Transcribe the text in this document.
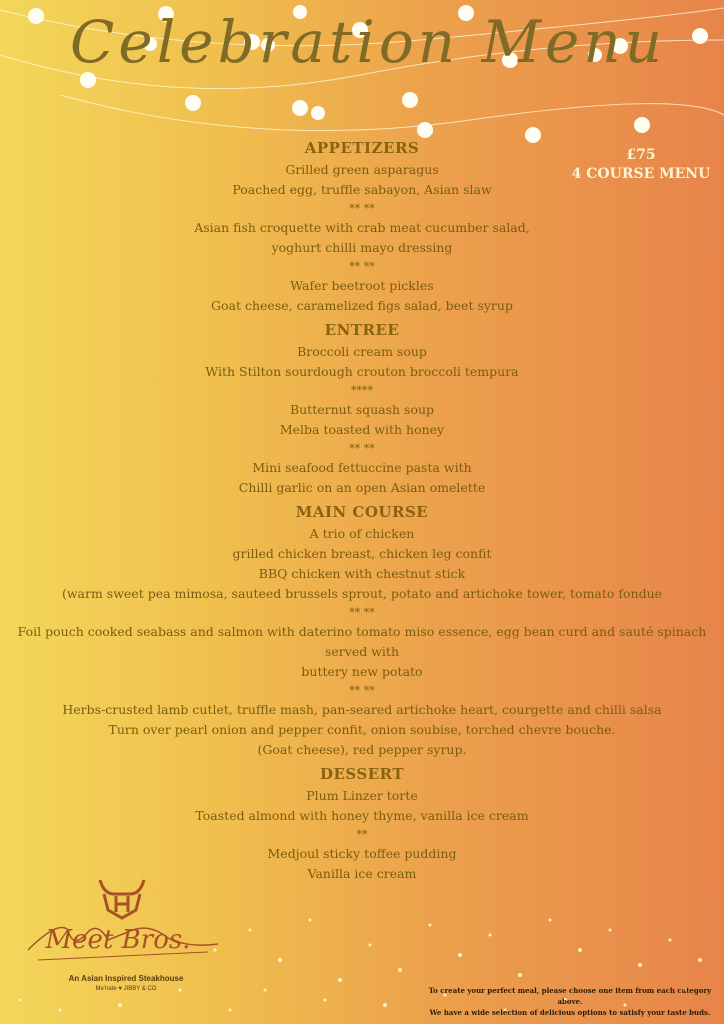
Celebration Menu
£75
4 COURSE MENU
APPETIZERS
Grilled green asparagus
Poached egg, truffle sabayon, Asian slaw
** **
Asian fish croquette with crab meat cucumber salad,
yoghurt chilli mayo dressing
** **
Wafer beetroot pickles
Goat cheese, caramelized figs salad, beet syrup
ENTREE
Broccoli cream soup
With Stilton sourdough crouton broccoli tempura
****
Butternut squash soup
Melba toasted with honey
** **
Mini seafood fettuccine pasta with
Chilli garlic on an open Asian omelette
MAIN COURSE
A trio of chicken
grilled chicken breast, chicken leg confit
BBQ chicken with chestnut stick
(warm sweet pea mimosa, sauteed brussels sprout, potato and artichoke tower, tomato fondue
** **
Foil pouch cooked seabass and salmon with daterino tomato miso essence, egg bean curd and sauté spinach served with
buttery new potato
** **
Herbs-crusted lamb cutlet, truffle mash, pan-seared artichoke heart, courgette and chilli salsa
Turn over pearl onion and pepper confit, onion soubise, torched chevre bouche.
(Goat cheese), red pepper syrup.
DESSERT
Plum Linzer torte
Toasted almond with honey thyme, vanilla ice cream
**
Medjoul sticky toffee pudding
Vanilla ice cream
Meet Bros.
An Asian Inspired Steakhouse
Me'nate ♥ JIBBY & CO	To create your perfect meal, please choose one item from each category above.
We have a wide selection of delicious options to satisfy your taste buds.
